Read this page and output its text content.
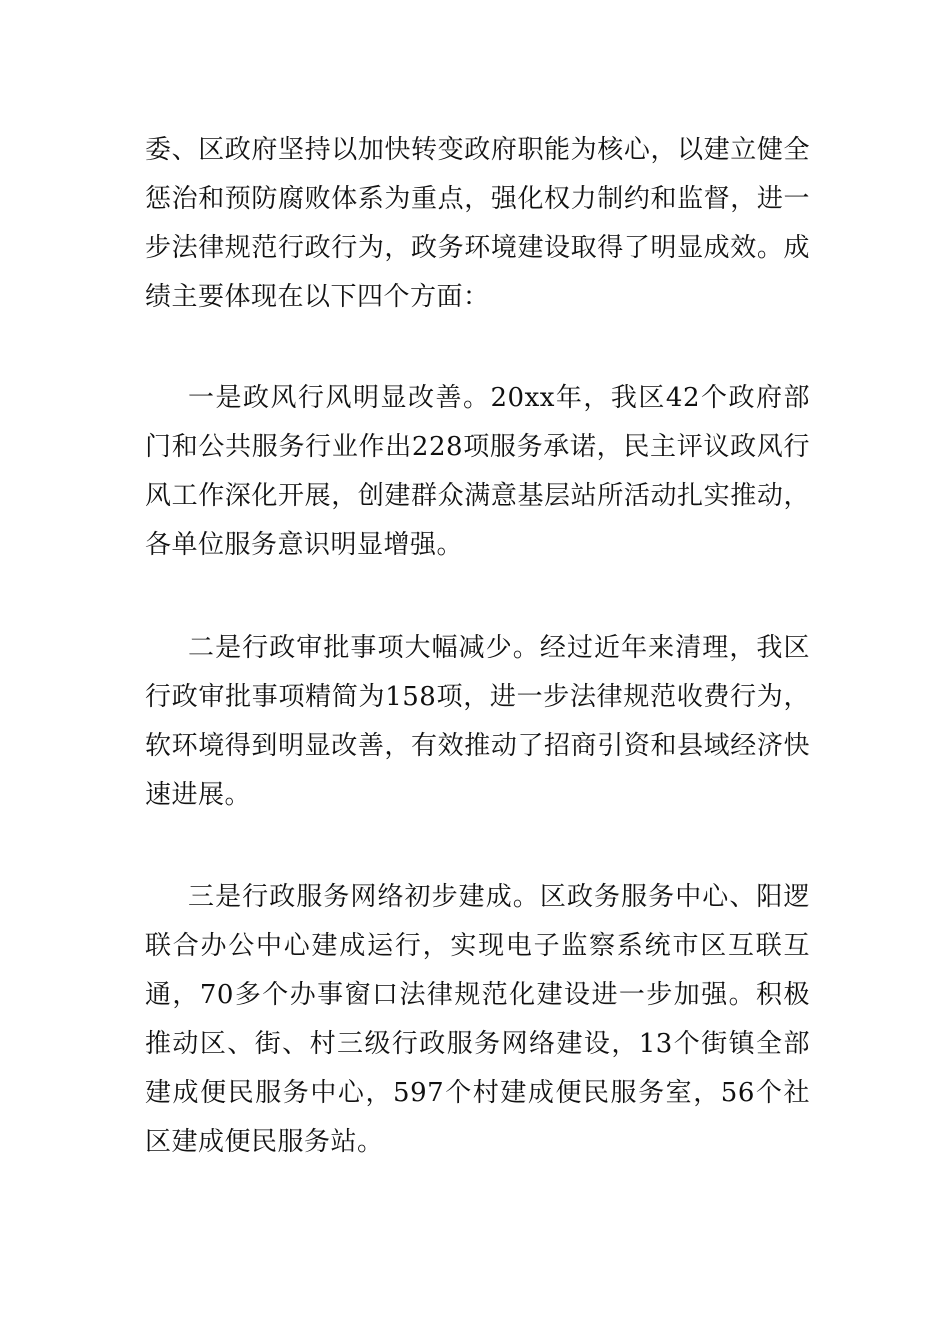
委、区政府坚持以加快转变政府职能为核心，以建立健全惩治和预防腐败体系为重点，强化权力制约和监督，进一步法律规范行政行为，政务环境建设取得了明显成效。成绩主要体现在以下四个方面：

一是政风行风明显改善。20xx年，我区42个政府部门和公共服务行业作出228项服务承诺，民主评议政风行风工作深化开展，创建群众满意基层站所活动扎实推动，各单位服务意识明显增强。

二是行政审批事项大幅减少。经过近年来清理，我区行政审批事项精简为158项，进一步法律规范收费行为，软环境得到明显改善，有效推动了招商引资和县域经济快速进展。

三是行政服务网络初步建成。区政务服务中心、阳逻联合办公中心建成运行，实现电子监察系统市区互联互通，70多个办事窗口法律规范化建设进一步加强。积极推动区、街、村三级行政服务网络建设，13个街镇全部建成便民服务中心，597个村建成便民服务室，56个社区建成便民服务站。
